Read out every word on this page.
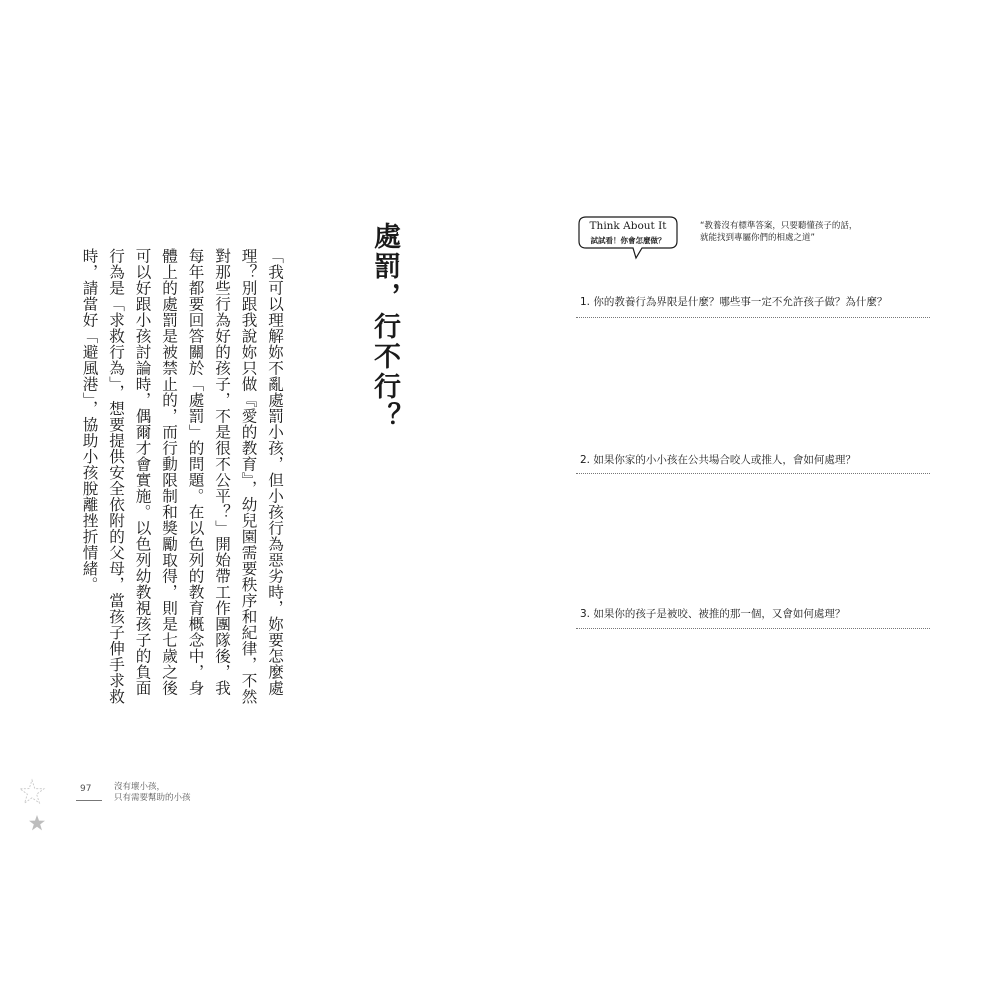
處罰，行不行？
「我可以理解妳不亂處罰小孩，但小孩行為惡劣時，妳要怎麼處理？別跟我說妳只做『愛的教育』，幼兒園需要秩序和紀律，不然對那些行為好的孩子，不是很不公平？」開始帶工作團隊後，我每年都要回答關於「處罰」的問題。在以色列的教育概念中，身體上的處罰是被禁止的，而行動限制和獎勵取得，則是七歲之後可以好跟小孩討論時，偶爾才會實施。以色列幼教視孩子的負面行為是「求救行為」，想要提供安全依附的父母，當孩子伸手求救時，請當好「避風港」，協助小孩脫離挫折情緒。
97	沒有壞小孩，
只有需要幫助的小孩
Think About It
試試看！你會怎麼做？
“教養沒有標準答案，只要聽懂孩子的話，
就能找到專屬你們的相處之道”
1. 你的教養行為界限是什麼？哪些事一定不允許孩子做？為什麼？
2. 如果你家的小小孩在公共場合咬人或推人，會如何處理？
3. 如果你的孩子是被咬、被推的那一個，又會如何處理？
